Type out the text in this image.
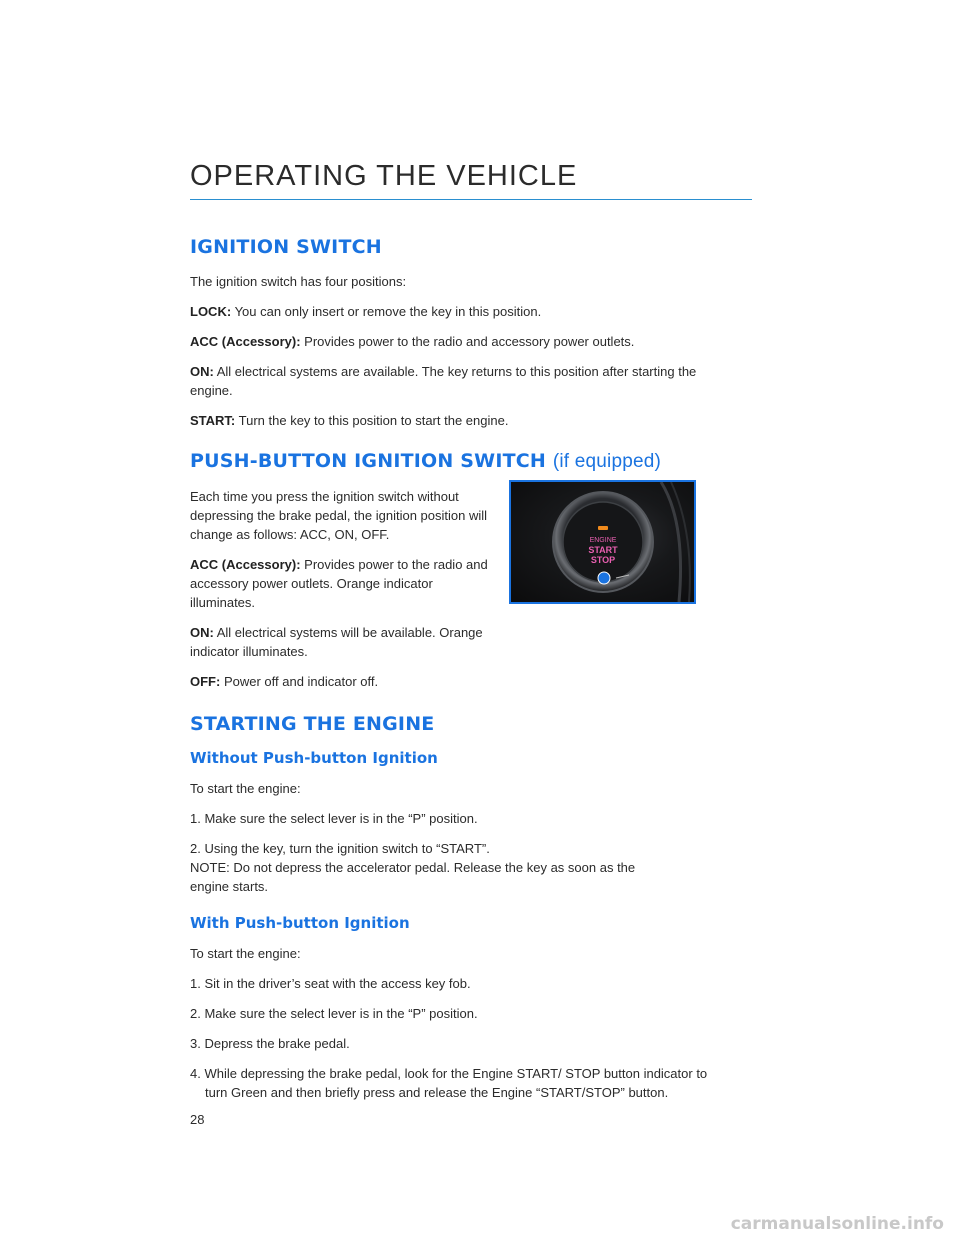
OPERATING THE VEHICLE
IGNITION SWITCH

The ignition switch has four positions:

LOCK: You can only insert or remove the key in this position.

ACC (Accessory): Provides power to the radio and accessory power outlets.

ON: All electrical systems are available. The key returns to this position after starting the engine.

START: Turn the key to this position to start the engine.

PUSH-BUTTON IGNITION SWITCH (if equipped)

Each time you press the ignition switch without depressing the brake pedal, the ignition position will change as follows: ACC, ON, OFF.

ACC (Accessory): Provides power to the radio and accessory power outlets. Orange indicator illuminates.

ON: All electrical systems will be available. Orange indicator illuminates.

OFF: Power off and indicator off.

ENGINE
START
STOP
STARTING THE ENGINE
Without Push-button Ignition

To start the engine:

1. Make sure the select lever is in the “P” position.

2. Using the key, turn the ignition switch to “START”.

NOTE: Do not depress the accelerator pedal. Release the key as soon as the engine starts.

With Push-button Ignition

To start the engine:

1. Sit in the driver’s seat with the access key fob.

2. Make sure the select lever is in the “P” position.

3. Depress the brake pedal.

4. While depressing the brake pedal, look for the Engine START/ STOP button indicator to
turn Green and then briefly press and release the Engine “START/STOP” button.

28
carmanualsonline.info
